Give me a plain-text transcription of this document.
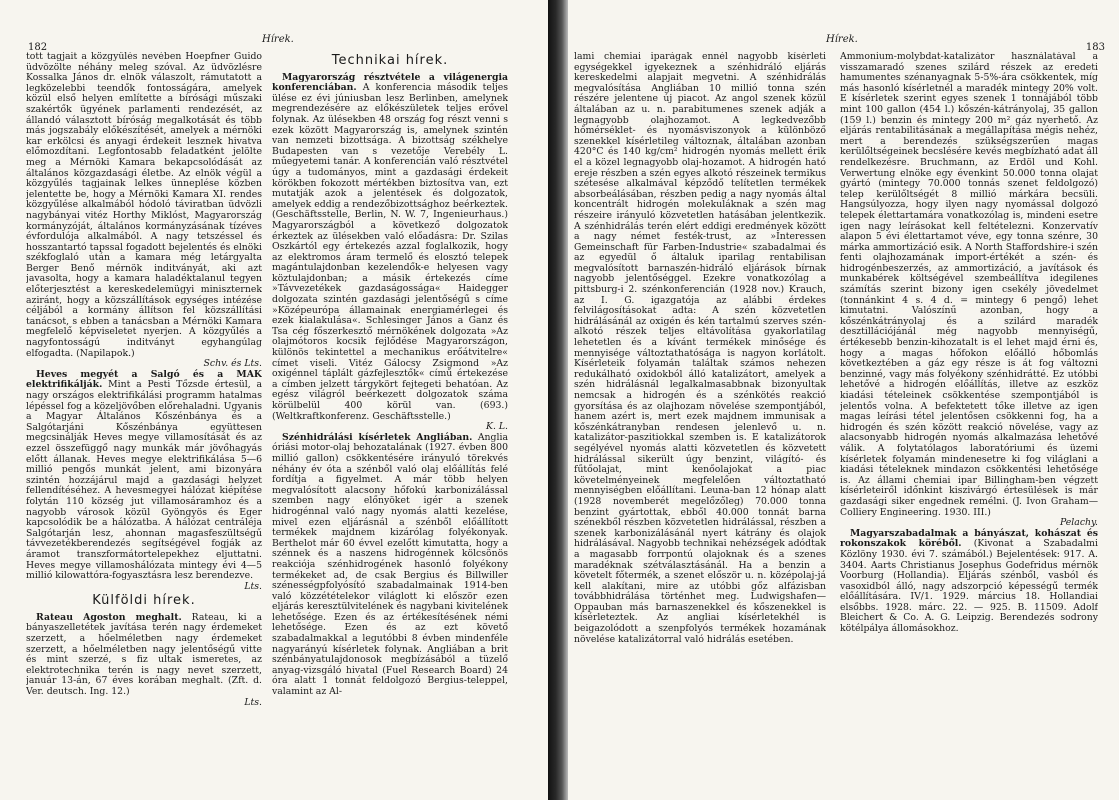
182
Hírek.

tott tagjait a közgyűlés nevében Hoepfner Guido üdvözölte néhány meleg szóval. Az üdvözlésre Kossalka János dr. elnök válaszolt, rámutatott a legközelebbi teendők fontosságára, amelyek közül első helyen említette a bírósági műszaki szakértők ügyének parlamenti rendezését, az állandó választott bíróság megalkotását és több más jogszabály előkészítését, amelyek a mérnöki kar erkölcsi és anyagi érdekeit lesznek hivatva előmozdítani. Legfontosabb feladatként jelölte meg a Mérnöki Kamara bekapcsolódását az általános közgazdasági életbe. Az elnök végül a közgyűlés tagjainak lelkes ünneplése közben jelentette be, hogy a Mérnöki Kamara XI. rendes közgyűlése alkalmából hódoló táviratban üdvözli nagybányai vitéz Horthy Miklóst, Magyarország kormányzóját, általános kormányzásának tízéves évfordulója alkalmából. A nagy tetszéssel és hosszantartó tapssal fogadott bejelentés és elnöki székfoglaló után a kamara még letárgyalta Berger Benő mérnök inditványát, aki azt javasolta, hogy a kamara haladéktalanul tegyen előterjesztést a kereskedelemügyi miniszternek aziránt, hogy a közszállítások egységes intézése céljából a kormány állítson fel közszállítási tanácsot, s ebben a tanácsban a Mérnöki Kamara megfelelő képviseletet nyerjen. A közgyűlés a nagyfontosságú inditványt egyhangúlag elfogadta. (Napilapok.)
Schv. és Lts.

Heves megyét a Salgó és a MAK elektrifikálják. Mint a Pesti Tőzsde értesül, a nagy országos elektrifikálási programm hatalmas lépéssel fog a közeljövőben előrehaladni. Ugyanis a Magyar Általános Kőszénbánya és a Salgótarjáni Kőszénbánya együttesen megcsinálják Heves megye villamosítását és az ezzel összefüggő nagy munkák már jövőhagyás előtt állanak. Heves megye elektrifikálása 5—6 millió pengős munkát jelent, ami bizonyára szintén hozzájárul majd a gazdasági helyzet fellendítéséhez. A hevesmegyei hálózat kiépítése folytán 110 község jut villamosáramhoz és a nagyobb városok közül Gyöngyös és Eger kapcsolódik be a hálózatba. A hálózat centráléja Salgótarján lesz, ahonnan magasfeszültségű távvezetékberendezés segítségével fogják az áramot transzformátortelepekhez eljuttatni. Heves megye villamoshálózata mintegy évi 4—5 millió kilowattóra-fogyasztásra lesz berendezve.
Lts.

Külföldi hírek.

Rateau Agoston meghalt. Rateau, ki a bányaszelletétek javítása terén nagy érdemeket szerzett, a hőelméletben nagy érdemeket szerzett, a hőelméletben nagy jelentőségű vitte és mint szerzé, s fiz ultak ismeretes, az elektrotechnika terén is nagy nevet szerzett, január 13-án, 67 éves korában meghalt. (Zft. d. Ver. deutsch. Ing. 12.)
Lts.

Technikai hírek.

Magyarország résztvétele a világenergia konferenciában. A konferencia második teljes ülése ez évi júniusban lesz Berlinben, amelynek megrendezésére az előkészületek teljes erővel folynak. Az ülésekben 48 ország fog részt venni s ezek között Magyarország is, amelynek szintén van nemzeti bizottsága. A bizottság székhelye Budapesten van s vezetője Verebély L. műegyetemi tanár. A konferencián való résztvétel úgy a tudományos, mint a gazdasági érdekeit körökben fokozott mértékben biztosítva van, ezt mutatják azok a jelentések és dolgozatok, amelyek eddig a rendezőbizottsághoz beérkeztek. (Geschäftsstelle, Berlin, N. W. 7, Ingenieurhaus.) Magyarországból a következő dolgozatok érkeztek az ülésekben való előadásra: Dr. Szilas Oszkártól egy értekezés azzal foglalkozik, hogy az elektromos áram termelő és elosztó telepek magántulajdonban kezelendők-e helyesen vagy köztulajdonban; a másik értekezés címe »Távvezetékek gazdaságossága« Haidegger dolgozata szintén gazdasági jelentőségű s címe »Középeurópa államainak energiamérlegei és ezek kialakulása«. Schlesinger János a Ganz és Tsa cég főszerkesztő mérnökének dolgozata »Az olajmótoros kocsik fejlődése Magyarországon, különös tekintettel a mechanikus erőátvitelre« címet viseli. Vitéz Gálocsy Zsigmond »Az oxigénnel táplált gázfejlesztők« című értekezése a címben jelzett tárgykört fejtegeti behatóan. Az egész világról beérkezett dolgozatok száma körülbelül 400 körül van. (693.) (Weltkraftkonferenz. Geschäftsstelle.)
K. L.

Szénhidrálási kísérletek Angliában. Anglia óriási motor-olaj behozatalának (1927. évben 800 millió gallon) csökkentésére irányuló törekvés néhány év óta a szénből való olaj előállítás felé fordítja a figyelmet. A már több helyen megvalósított alacsony hőfokú karbonizálással szemben nagy előnyöket igér a szenek hidrogénnal való nagy nyomás alatti kezelése, mivel ezen eljárásnál a szénből előállított termékek majdnem kizárólag folyékonyak. Berthelot már 60 évvel ezelőtt kimutatta, hogy a szénnek és a naszens hidrogénnek kölcsönös reakciója szénhidrogének hasonló folyékony termékeket ad, de csak Bergius és Billwiller szénességpfolyósító szabadalmainak 1914-ben való közzétételekor világlott ki először ezen eljárás keresztülvitelének és nagybani kivitelének lehetősége. Ezen és az értékesítésének némi lehetősége. Ezen és az ezt követő szabadalmakkal a legutóbbi 8 évben mindenféle nagyarányú kísérletek folynak. Angliában a brit szénbányatulajdonosok megbízásából a tüzelő anyag-vizsgáló hivatal (Fuel Research Board) 24 óra alatt 1 tonnát feldolgozó Bergius-teleppel, valamint az Al-

Hírek.
183

lami chemiai iparágak ennél nagyobb kísérleti egységekkel igyekeznek a szénhidráló eljárás kereskedelmi alapjait megvetni. A szénhidrálás megvalósítása Angliában 10 millió tonna szén részére jelentene új piacot. Az angol szenek közül általában az u. n. parabitumenes szenek adják a legnagyobb olajhozamot. A legkedvezőbb hőmérséklet- és nyomásviszonyok a különböző szenekkel kísérletileg változnak, általában azonban 420°C és 140 kg/cm² hidrogén nyomás mellett érik el a közel legnagyobb olaj-hozamot. A hidrogén ható ereje részben a szén egyes alkotó részeinek termikus szétesése alkalmával képződő telítetlen termékek absorbeálásában, részben pedig a nagy nyomás által koncentrált hidrogén molekuláknak a szén mag részeire irányuló közvetetlen hatásában jelentkezik. A szénhidrálás terén elért eddigi eredmények között a nagy német festék-trust, az »Interessen Gemeinschaft für Farben-Industrie« szabadalmai és az egyedül ő általuk iparilag rentabilisan megvalósított barnaszén-hidráló eljárások bírnak nagyobb jelentőséggel. Ezekre vonatkozólag a pittsburg-i 2. szénkonferencián (1928 nov.) Krauch, az I. G. igazgatója az alábbi érdekes felvilágosításokat adta: A szén közvetetlen hidrálásánál az oxigén és kén tartalmú szerves szén-alkotó részek teljes eltávolítása gyakorlatilag lehetetlen és a kívánt termékek minősége és mennyisége változtathatósága is nagyon korlátolt. Kísérleteik folyamán találtak számos nehezen redukálható oxidokból álló katalizátort, amelyek a szén hidrálásnál legalkalmasabbnak bizonyultak nemcsak a hidrogén és a szénkötés reakció gyorsítása és az olajhozam növelése szempontjából, hanem azért is, mert ezek majdnem immunisak a kőszénkátranyban rendesen jelenlevő u. n. katalizátor-paszitiokkal szemben is. E katalizátorok segélyével nyomás alatti közvetetlen és közvetett hidrálással sikerült úgy benzint, világító- és fűtőolajat, mint kenőolajokat a piac követelményeinek megfelelően változtatható mennyiségben előállítani. Leuna-ban 12 hónap alatt (1928 novemberét megelőzőleg) 70.000 tonna benzint gyártottak, ebből 40.000 tonnát barna szénekből részben közvetetlen hidrálással, részben a szenek karbonizálásánál nyert kátrány és olajok hidrálásával. Nagyobb technikai nehézségek adódtak a magasabb forrpontú olajoknak és a szenes maradéknak szétválasztásánál. Ha a benzin a követelt főtermék, a szenet először u. n. középolaj-já kell alakítani, mire az utóbbi gőz alfázisban továbbhidrálása történhet meg. Ludwigshafen—Oppauban más barnaszenekkel és kőszenekkel is kísérleteztek. Az angliai kísérletekhél is beigazolódott a szenpfolyós termékek hozamának növelése katalizátorral való hidrálás esetében.

Ammonium-molybdat-katalizátor használatával a visszamaradó szenes szilárd részek az eredeti hamumentes szénanyagnak 5-5%-ára csökkentek, míg más hasonló kísérletnél a maradék mintegy 20% volt. E kísérletek szerint egyes szenek 1 tonnájából több mint 100 gallon (454 l.) kőszén-kátrányolaj, 35 gallon (159 l.) benzin és mintegy 200 m² gáz nyerhető. Az eljárás rentabilitásának a megállapítása mégis nehéz, mert a berendezés szükségszerűen magas kerülőltségeinek becslésére kevés megbízható adat áll rendelkezésre. Bruchmann, az Erdöl und Kohl. Verwertung elnöke egy évenkint 50.000 tonna olajat gyártó (mintegy 70.000 tonnás szenet feldolgozó) telep kerülőltségét 8 millió márkára becsüli. Hangsúlyozza, hogy ilyen nagy nyomással dolgozó telepek élettartamára vonatkozólag is, mindeni esetre igen nagy leírásokat kell feltételezni. Konzervatív alapon 5 évi élettartamot véve, egy tonna szénre, 30 márka ammortizáció esik. A North Staffordshire-i szén fenti olajhozamának import-értékét a szén- és hidrogénbeszerzés, az ammortizáció, a javítások és munkabérek költségével szembeállítva idegilenes számítás szerint bizony igen csekély jövedelmet (tonnánkint 4 s. 4 d. = mintegy 6 pengő) lehet kimutatni. Valószínű azonban, hogy a kőszénkátrányolaj és a szilárd maradék desztillációjánál még nagyobb mennyiségű, értékesebb benzin-kihozatalt is el lehet majd érni és, hogy a magas hőfokon előálló hőbomlás következtében a gáz egy része is át fog változni benzinné, vagy más folyékony szénhidrátté. Ez utóbbi lehetővé a hidrogén előállítás, illetve az eszköz kiadási tételeinek csökkentése szempontjából is jelentős volna. A befektetett tőke illetve az igen magas leírási tétel jelentősen csökkenni fog, ha a hidrogén és szén között reakció növelése, vagy az alacsonyabb hidrogén nyomás alkalmazása lehetővé válik. A folytatólagos laboratóriumi és üzemi kísérletek folyamán mindenesetre ki fog világlani a kiadási tételeknek mindazon csökkentési lehetősége is. Az állami chemiai ipar Billingham-ben végzett kísérleteiről időnkint kiszivárgó értesülések is már gazdasági siker engednek remélni. (J. Ivon Graham—Colliery Engineering. 1930. III.)
Pelachy.

Magyarszabadalmak a bányászat, kohászat és rokonszakok köréből. (Kivonat a Szabadalmi Közlöny 1930. évi 7. számából.) Bejelentések: 917. A. 3404. Aarts Christianus Josephus Godefridus mérnök Voorburg (Hollandia). Eljárás szénből, vasból és vasoxidból álló, nagy adszorpció képességű termék előállítására. IV/1. 1929. március 18. Hollandiai elsőbbs. 1928. márc. 22. — 925. B. 11509. Adolf Bleichert & Co. A. G. Leipzig. Berendezés sodrony kötélpálya állomásokhoz.
